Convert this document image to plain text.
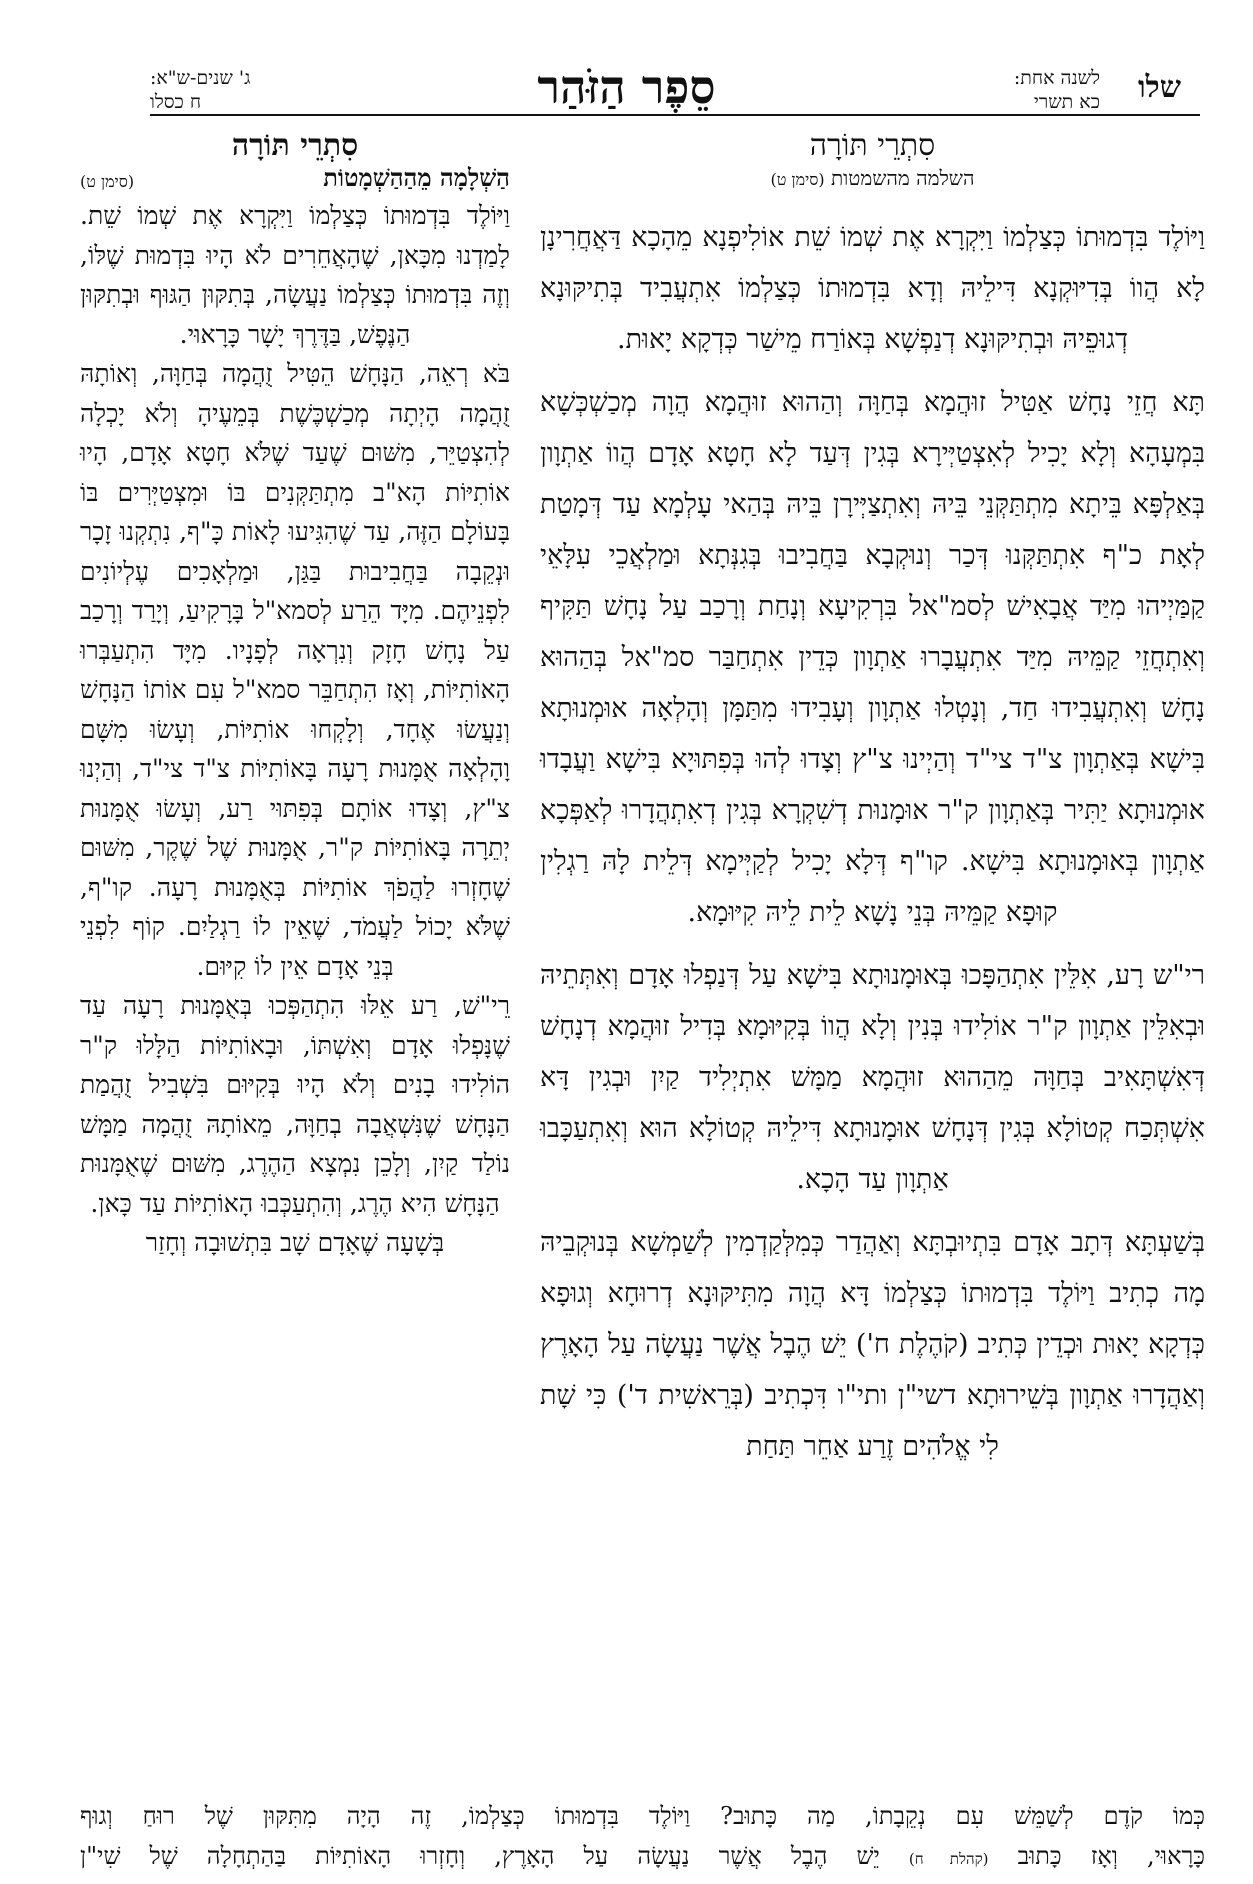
שלו
לשנה אחת:
כא תשרי
סֵפֶר הַזֹּהַר
ג' שנים-ש"א:
ח כסלו
סִתְרֵי תּוֹרָה
השלמה מהשמטות (סימן ט)

וַיּוֹלֶד בִּדְמוּתוֹ כְּצַלְמוֹ וַיִּקְרָא אֶת שְׁמוֹ שֵׁת אוֹלִיפְנָא מֵהָכָא דַּאֲחֲרִינָן לָא הֲווֹ בְּדִיּוּקְנָא דִּילֵיהּ וְדָא בִּדְמוּתוֹ כְּצַלְמוֹ אִתְעֲבִיד בְּתִיקּוּנָא דְגוּפֵיהּ וּבְתִיקּוּנָא דְנַפְשָׁא בְּאוֹרַח מֵישַׁר כְּדְקָא יָאוּת.

תָּא חֲזֵי נָחָשׁ אַטִּיל זוּהֲמָא בְּחַוָּה וְהַהוּא זוּהֲמָא הֲוָה מְכַשְׁכְּשָׁא בִּמְעָהָא וְלָא יָכִיל לְאִצְטַיְּירָא בְּגִין דְּעַד לָא חָטָא אָדָם הֲווֹ אַתְוָון בְּאַלְפָּא בֵּיתָא מִתְתַּקְּנֵי בֵּיהּ וְאִתְצַיְּירָן בֵּיהּ בְּהַאי עָלְמָא עַד דְּמָטַת לְאָת כ"ף אִתְתַּקְּנוּ דְּכַר וְנוּקְבָא בַּחֲבִיבוּ בְּגִנְּתָא וּמַלְאֲכֵי עִלָּאֵי קַמַּיְיהוּ מִיַּד אֲבָאִישׁ לְסמ"אל בִּרְקִיעָא וְנָחַת וְרָכַב עַל נָחָשׁ תַּקִּיף וְאִתְחֲזֵי קַמֵּיהּ מִיַּד אִתְעֲבָרוּ אַתְוָון כְּדֵין אִתְחַבַּר סמ"אל בְּהַהוּא נָחָשׁ וְאִתְעֲבִידוּ חַד, וְנָטְלוּ אַתְוָון וְעָבִידוּ מִתַּמָּן וְהָלְאָה אוּמְנוּתָא בִּישָׁא בְּאַתְוָון צ"ד צי"ד וְהַיְינוּ צ"ץ וְצָדוּ לְהוּ בְּפִתּוּיָא בִּישָׁא וַעֲבָדוּ אוּמְנוּתָא יַתִּיר בְּאַתְוָון ק"ר אוּמָנוּת דְשִׁקְרָא בְּגִין דְאִתְהֲדָרוּ לְאַפְּכָא אַתְוָון בְּאוּמָנוּתָא בִּישָׁא. קו"ף דְּלָא יָכִיל לְקַיְּימָא דְּלֵית לָהּ רַגְלִין קוּפָא קַמֵּיהּ בְּנֵי נָשָׁא לֵית לֵיהּ קִיּוּמָא.

רי"ש רָע, אִלֵּין אִתְהַפָּכוּ בְּאוּמָנוּתָא בִּישָׁא עַל דְּנַפְלוּ אָדָם וְאִתְּתֵיהּ וּבְאִלֵּין אַתְוָון ק"ר אוֹלִידוּ בְּנִין וְלָא הֲווֹ בְּקִיּוּמָא בְּדִיל זוּהֲמָא דְנָחָשׁ דְּאִשְׁתָּאִיב בְּחַוָּה מֵהַהוּא זוּהֲמָא מַמָּשׁ אִתְיְלִיד קַיִן וּבְגִין דָּא אִשְׁתְּכַח קְטוֹלָא בְּגִין דְּנָחָשׁ אוּמָנוּתָא דִּילֵיהּ קְטוֹלָא הוּא וְאִתְעַכָּבוּ אַתְוָון עַד הָכָא.

בְּשַׁעְתָּא דְּתָב אָדָם בִּתְיוּבְתָּא וְאַהֲדַר כְּמִלְּקַדְמִין לְשַׁמְשָׁא בְּנוּקְבֵיהּ מָה כְתִיב וַיּוֹלֶד בִּדְמוּתוֹ כְּצַלְמוֹ דָּא הֲוָה מִתִּיקּוּנָא דְרוּחָא וְגוּפָא כְּדְקָא יָאוּת וּכְדֵין כְּתִיב (קֹהֶלֶת ח') יֵשׁ הֶבֶל אֲשֶׁר נַעֲשָׂה עַל הָאָרֶץ וְאַהֲדָרוּ אַתְוָון בְּשֵׁירוּתָא דשי"ן ותי"ו דִּכְתִיב (בְּרֵאשִׁית ד') כִּי שָׁת לִי אֱלֹהִים זֶרַע אַחֵר תַּחַת

סִתְרֵי תּוֹרָה
הַשְׁלָמָה מֵהַהַשְׁמָטוֹת
(סימן ט)

וַיּוֹלֶד בִּדְמוּתוֹ כְּצַלְמוֹ וַיִּקְרָא אֶת שְׁמוֹ שֵׁת. לָמַדְנוּ מִכָּאן, שֶׁהָאֲחֵרִים לֹא הָיוּ בִּדְמוּת שֶׁלּוֹ, וְזֶה בִּדְמוּתוֹ כְּצַלְמוֹ נַעֲשָׂה, בְּתִקּוּן הַגּוּף וּבְתִקּוּן הַנֶּפֶשׁ, בַּדֶּרֶךְ יָשָׁר כָּרָאוּי.

בֹּא רְאֵה, הַנָּחָשׁ הֵטִּיל זֻהֲמָה בְּחַוָּה, וְאוֹתָהּ זֻהֲמָה הָיְתָה מְכַשְׁכֶּשֶׁת בְּמֵעֶיהָ וְלֹא יָכְלָה לְהִצְטַיֵּר, מִשּׁוּם שֶׁעַד שֶׁלֹּא חָטָא אָדָם, הָיוּ אוֹתִיּוֹת הָא"ב מִתְתַּקְּנִים בּוֹ וּמִצְטַיְּרִים בּוֹ בָּעוֹלָם הַזֶּה, עַד שֶׁהִגִּיעוּ לָאוֹת כָּ"ף, נִתְקְנוּ זָכָר וּנְקֵבָה בַּחֲבִיבוּת בַּגַּן, וּמַלְאָכִים עֶלְיוֹנִים לִפְנֵיהֶם. מִיָּד הֵרַע לְסמא"ל בָּרָקִיעַ, וְיָרַד וְרָכַב עַל נָחָשׁ חָזָק וְנִרְאָה לְפָנָיו. מִיָּד הִתְעַבְּרוּ הָאוֹתִיּוֹת, וְאָז הִתְחַבֵּר סמא"ל עִם אוֹתוֹ הַנָּחָשׁ וְנַעֲשׂוּ אֶחָד, וְלָקְחוּ אוֹתִיּוֹת, וְעָשׂוּ מִשָּׁם וָהָלְאָה אֻמָּנוּת רָעָה בָּאוֹתִיּוֹת צ"ד צי"ד, וְהַיְנוּ צ"ץ, וְצָדוּ אוֹתָם בְּפִתּוּי רַע, וְעָשׂוּ אֻמָּנוּת יְתֵרָה בָּאוֹתִיּוֹת ק"ר, אֻמָּנוּת שֶׁל שֶׁקֶר, מִשּׁוּם שֶׁחָזְרוּ לַהֲפֹךְ אוֹתִיּוֹת בְּאֻמָּנוּת רָעָה. קו"ף, שֶׁלֹּא יָכוֹל לַעֲמֹד, שֶׁאֵין לוֹ רַגְלַיִם. קוֹף לִפְנֵי בְּנֵי אָדָם אֵין לוֹ קִיּוּם.

רֵי"שׁ, רַע אֵלּוּ הִתְהַפְּכוּ בְּאֻמָּנוּת רָעָה עַד שֶׁנָּפְלוּ אָדָם וְאִשְׁתּוֹ, וּבָאוֹתִיּוֹת הַלָּלוּ ק"ר הוֹלִידוּ בָנִים וְלֹא הָיוּ בְּקִיּוּם בִּשְׁבִיל זֻהֲמַת הַנָּחָשׁ שֶׁנִּשְׁאֲבָה בְחַוָּה, מֵאוֹתָהּ זֻהֲמָה מַמָּשׁ נוֹלַד קַיִן, וְלָכֵן נִמְצָא הַהֶרֶג, מִשּׁוּם שֶׁאֻמָּנוּת הַנָּחָשׁ הִיא הֶרֶג, וְהִתְעַכְּבוּ הָאוֹתִיּוֹת עַד כָּאן.

בְּשָׁעָה שֶׁאָדָם שָׁב בִּתְשׁוּבָה וְחָזַר

כְּמוֹ קֹדֶם לְשַׁמֵּשׁ עִם נְקֵבָתוֹ, מַה כָּתוּב? וַיּוֹלֶד בִּדְמוּתוֹ כְּצַלְמוֹ, זֶה הָיָה מִתִּקּוּן שֶׁל רוּחַ וְגוּף
כָּרָאוּי, וְאָז כָּתוּב (קהלת ח) יֵשׁ הֶבֶל אֲשֶׁר נַעֲשָׂה עַל הָאָרֶץ, וְחָזְרוּ הָאוֹתִיּוֹת בַּהַתְחָלָה שֶׁל שִׁי"ן
